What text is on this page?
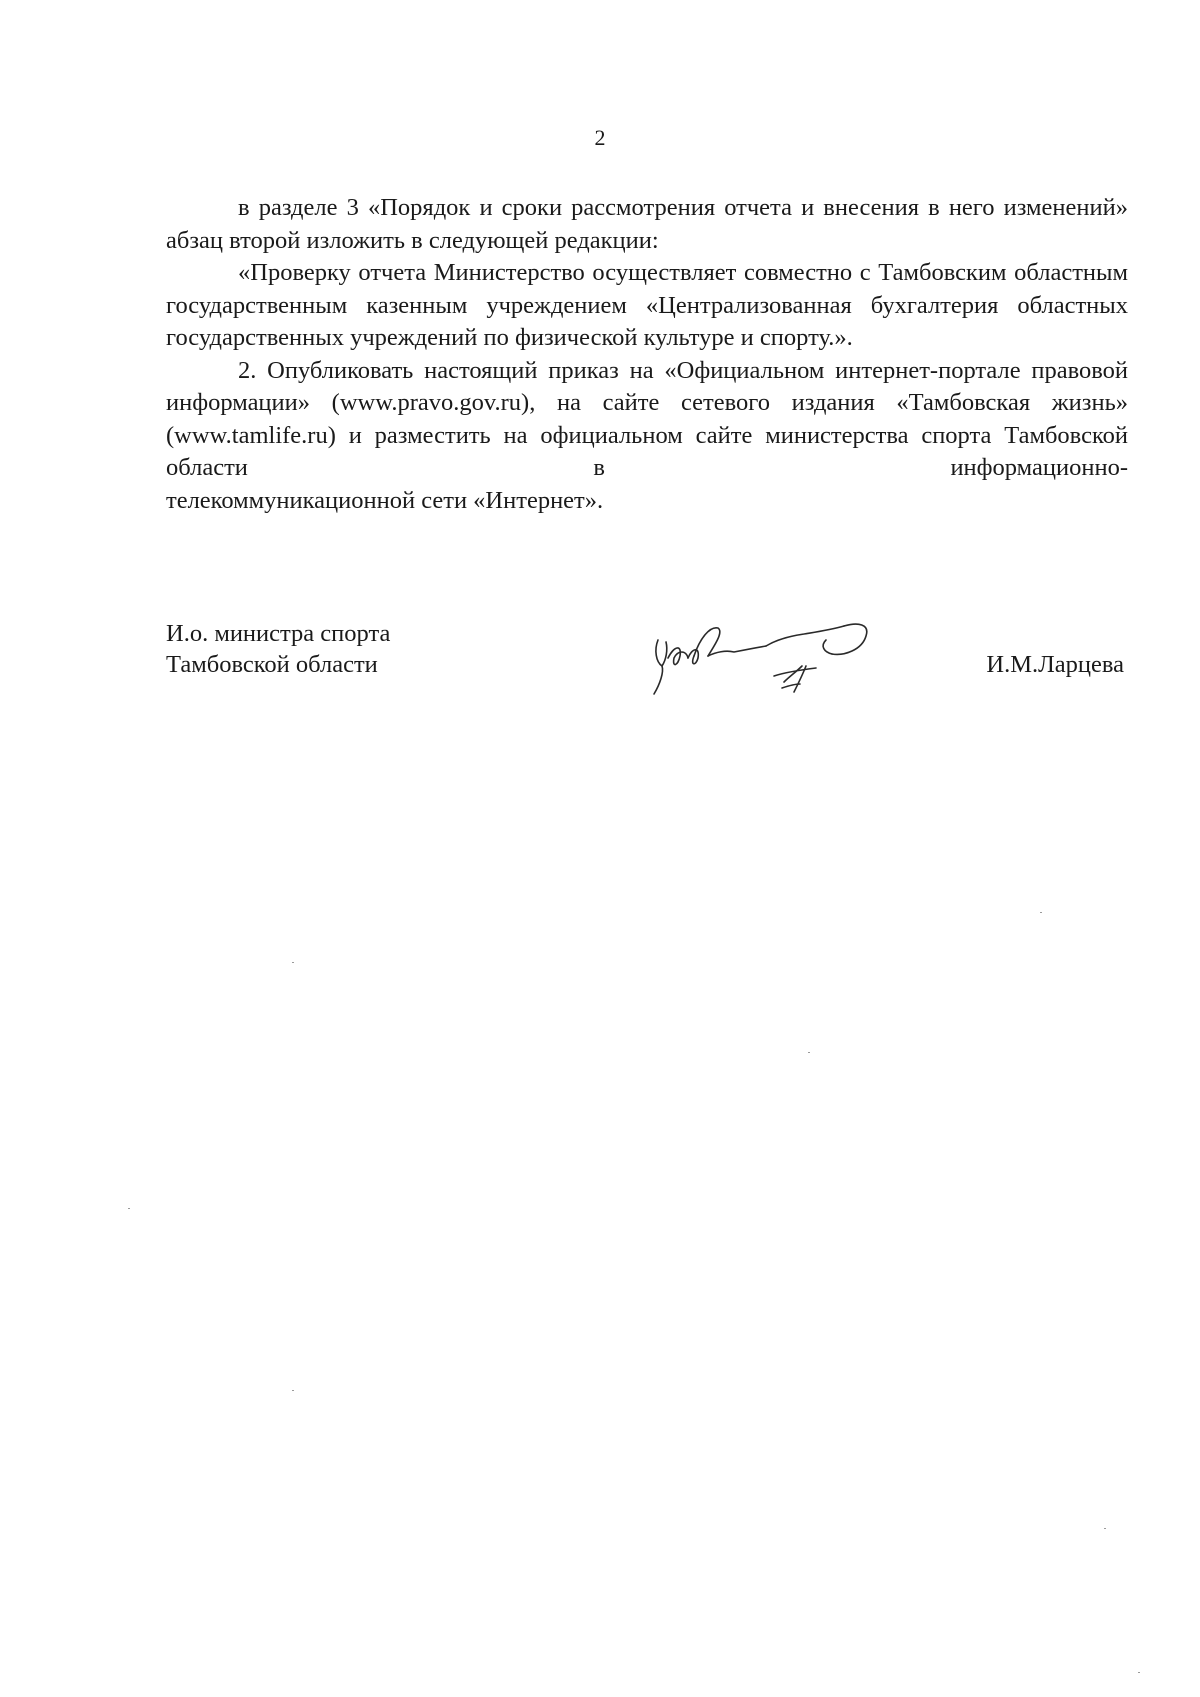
2

в разделе 3 «Порядок и сроки рассмотрения отчета и внесения в него изменений» абзац второй изложить в следующей редакции:

«Проверку отчета Министерство осуществляет совместно с Тамбовским областным государственным казенным учреждением «Централизованная бухгалтерия областных государственных учреждений по физической культуре и спорту.».

2. Опубликовать настоящий приказ на «Официальном интернет-портале правовой информации» (www.pravo.gov.ru), на сайте сетевого издания «Тамбовская жизнь» (www.tamlife.ru) и разместить на официальном сайте министерства спорта Тамбовской области в информационно-

телекоммуникационной сети «Интернет».

И.о. министра спорта
Тамбовской области	И.М.Ларцева
